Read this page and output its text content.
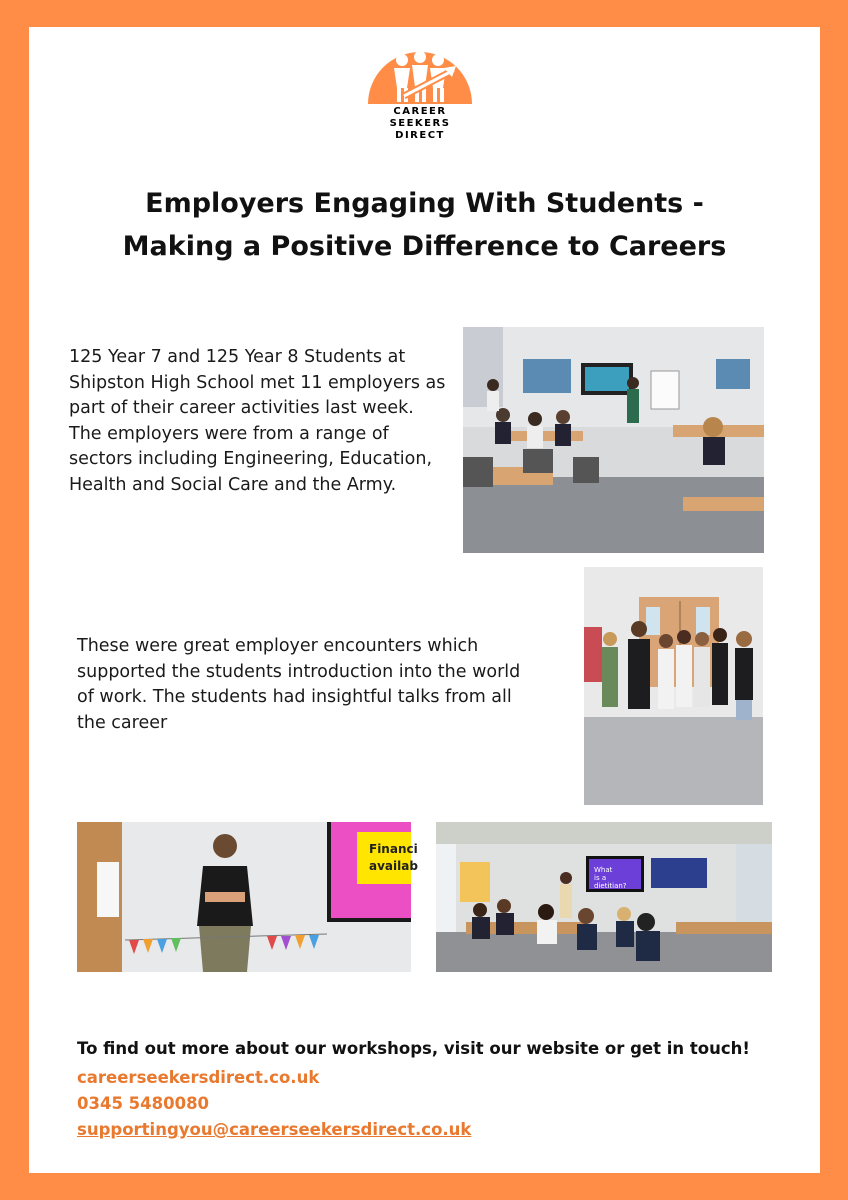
CAREER
SEEKERS
DIRECT
Employers Engaging With Students -
Making a Positive Difference to Careers

125 Year 7 and 125 Year 8 Students at Shipston High School met 11 employers as part of their career activities last week. The employers were from a range of sectors including Engineering, Education, Health and Social Care and the Army.

These were great employer encounters which supported the students introduction into the world of work. The students had insightful talks from all the career

Financi
availab	What
is a
dietitian?

To find out more about our workshops, visit our website or get in touch!

careerseekersdirect.co.uk
0345 5480080
supportingyou@careerseekersdirect.co.uk
